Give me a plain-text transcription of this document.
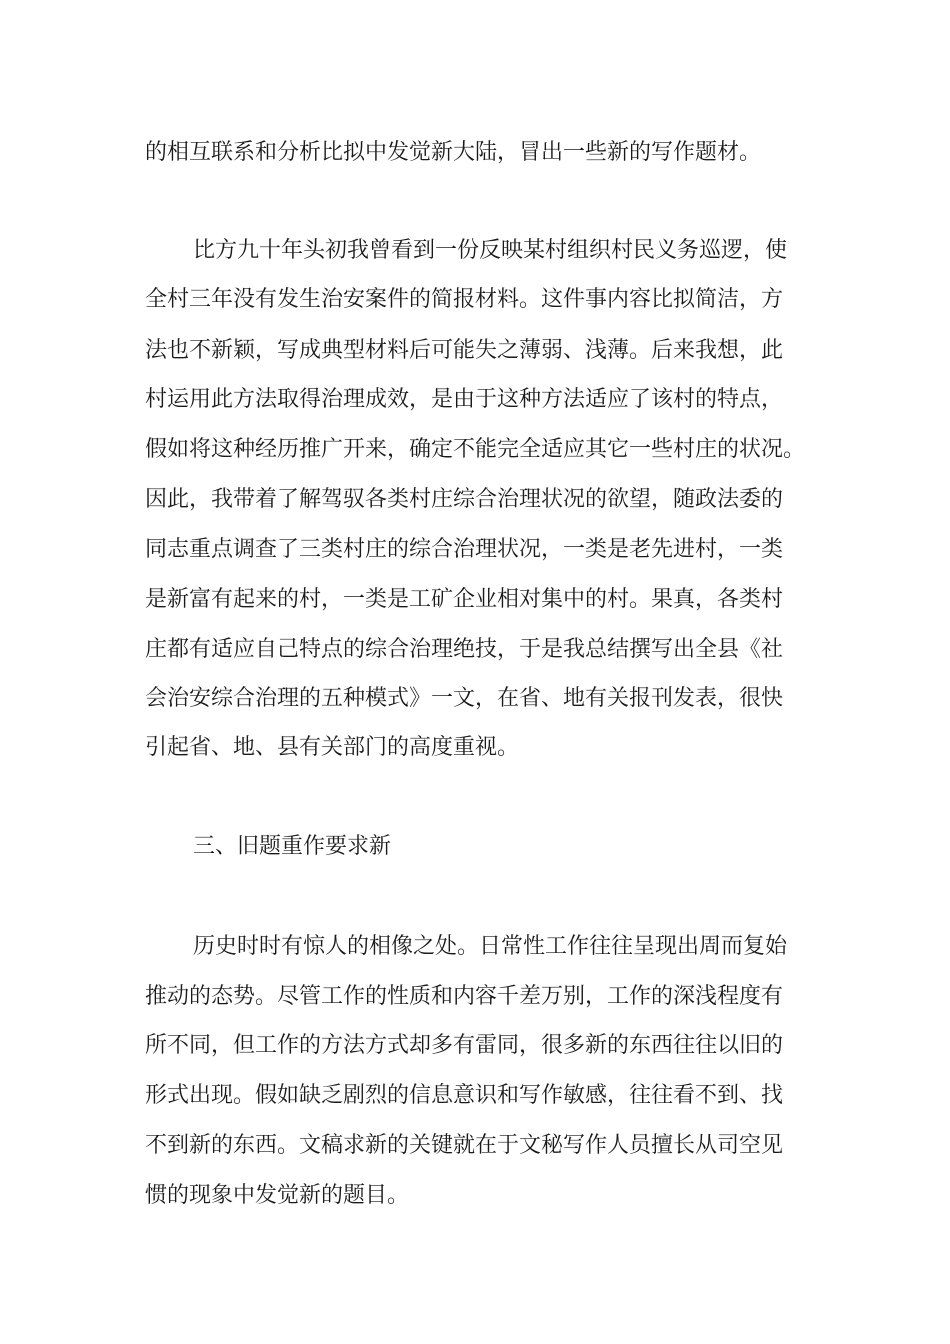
的相互联系和分析比拟中发觉新大陆，冒出一些新的写作题材。
比方九十年头初我曾看到一份反映某村组织村民义务巡逻，使
全村三年没有发生治安案件的简报材料。这件事内容比拟简洁，方
法也不新颖，写成典型材料后可能失之薄弱、浅薄。后来我想，此
村运用此方法取得治理成效，是由于这种方法适应了该村的特点，
假如将这种经历推广开来，确定不能完全适应其它一些村庄的状况。
因此，我带着了解驾驭各类村庄综合治理状况的欲望，随政法委的
同志重点调查了三类村庄的综合治理状况，一类是老先进村，一类
是新富有起来的村，一类是工矿企业相对集中的村。果真，各类村
庄都有适应自己特点的综合治理绝技，于是我总结撰写出全县《社
会治安综合治理的五种模式》一文，在省、地有关报刊发表，很快
引起省、地、县有关部门的高度重视。
三、旧题重作要求新
历史时时有惊人的相像之处。日常性工作往往呈现出周而复始
推动的态势。尽管工作的性质和内容千差万别，工作的深浅程度有
所不同，但工作的方法方式却多有雷同，很多新的东西往往以旧的
形式出现。假如缺乏剧烈的信息意识和写作敏感，往往看不到、找
不到新的东西。文稿求新的关键就在于文秘写作人员擅长从司空见
惯的现象中发觉新的题目。
